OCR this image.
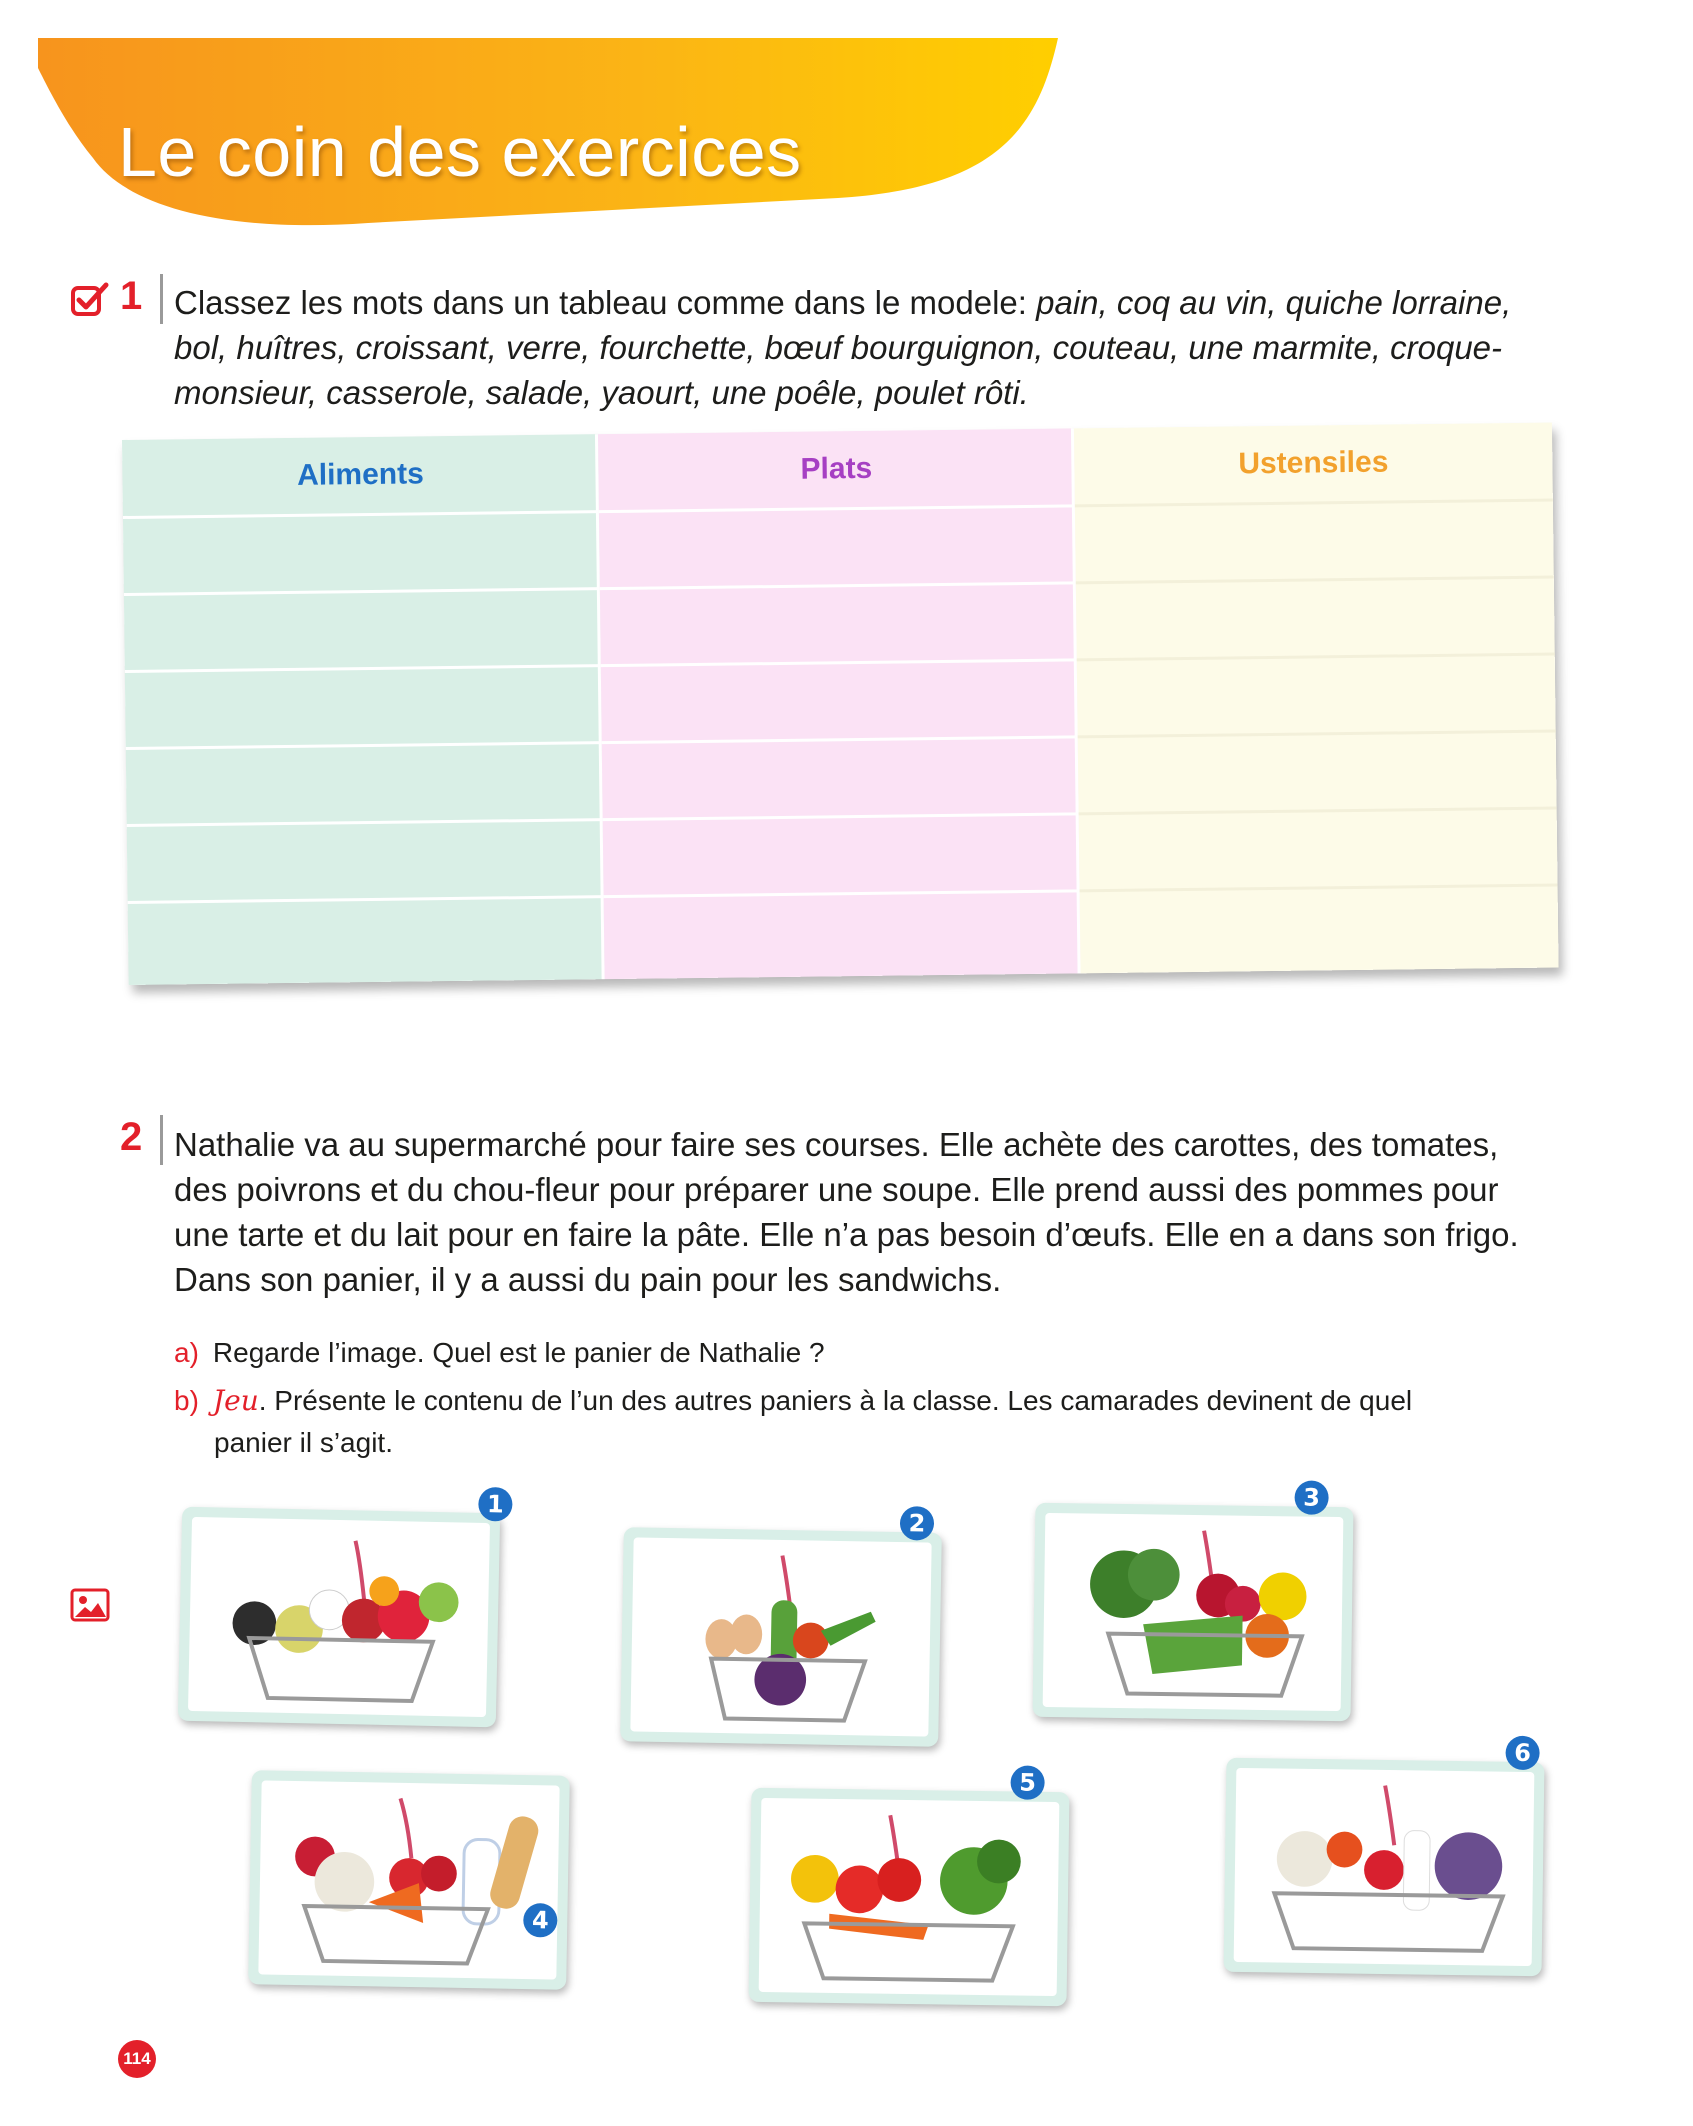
Le coin des exercices
1 Classez les mots dans un tableau comme dans le modele: pain, coq au vin, quiche lorraine,
bol, huîtres, croissant, verre, fourchette, bœuf bourguignon, couteau, une marmite, croque-
monsieur, casserole, salade, yaourt, une poêle, poulet rôti.
Aliments	Plats	Ustensiles
2 Nathalie va au supermarché pour faire ses courses. Elle achète des carottes, des tomates,
des poivrons et du chou-fleur pour préparer une soupe. Elle prend aussi des pommes pour
une tarte et du lait pour en faire la pâte. Elle n’a pas besoin d’œufs. Elle en a dans son frigo.
Dans son panier, il y a aussi du pain pour les sandwichs.
a) Regarde l’image. Quel est le panier de Nathalie ?
b) Jeu. Présente le contenu de l’un des autres paniers à la classe. Les camarades devinent de quel
panier il s’agit.
1
2
3
4
5
6
114
